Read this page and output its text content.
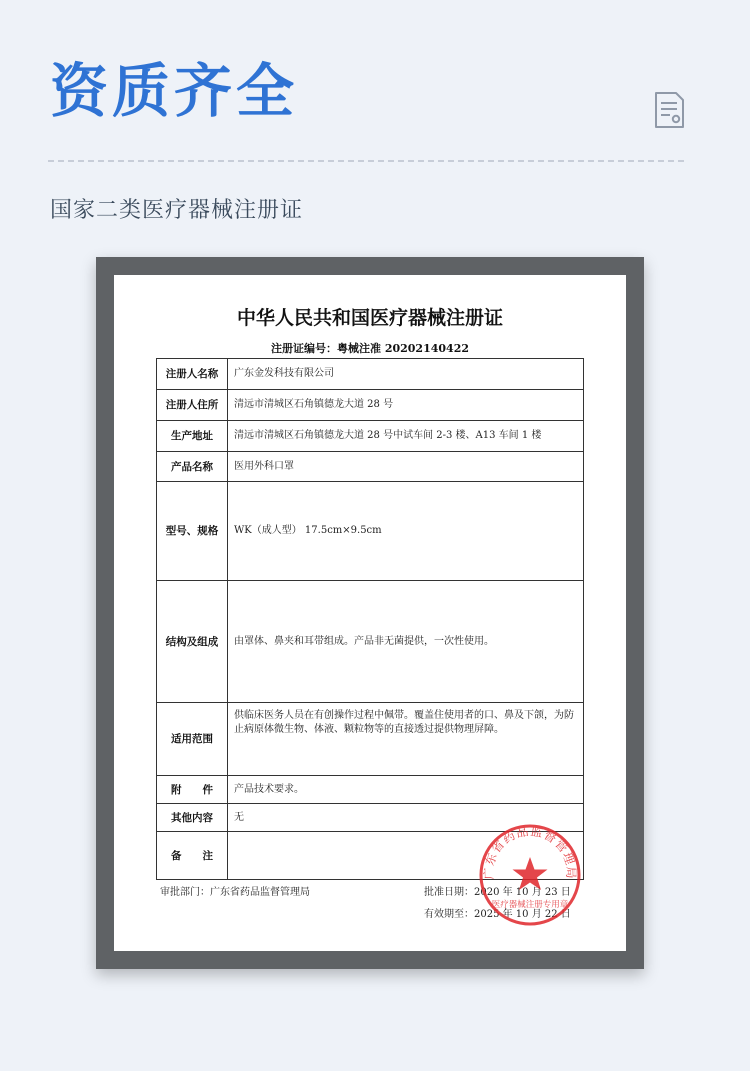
资质齐全
国家二类医疗器械注册证
中华人民共和国医疗器械注册证
注册证编号：粤械注准 20202140422
注册人名称	广东金发科技有限公司
注册人住所	清远市清城区石角镇德龙大道 28 号
生产地址	清远市清城区石角镇德龙大道 28 号中试车间 2-3 楼、A13 车间 1 楼
产品名称	医用外科口罩
型号、规格	WK（成人型） 17.5cm×9.5cm
结构及组成	由罩体、鼻夹和耳带组成。产品非无菌提供，一次性使用。
适用范围	供临床医务人员在有创操作过程中佩带。覆盖住使用者的口、鼻及下颌，为防止病原体微生物、体液、颗粒物等的直接透过提供物理屏障。
附　　件	产品技术要求。
其他内容	无
备　　注	
审批部门：广东省药品监督管理局	批准日期：2020 年 10 月 23 日
有效期至：2025 年 10 月 22 日
广东省药品监督管理局
医疗器械注册专用章
